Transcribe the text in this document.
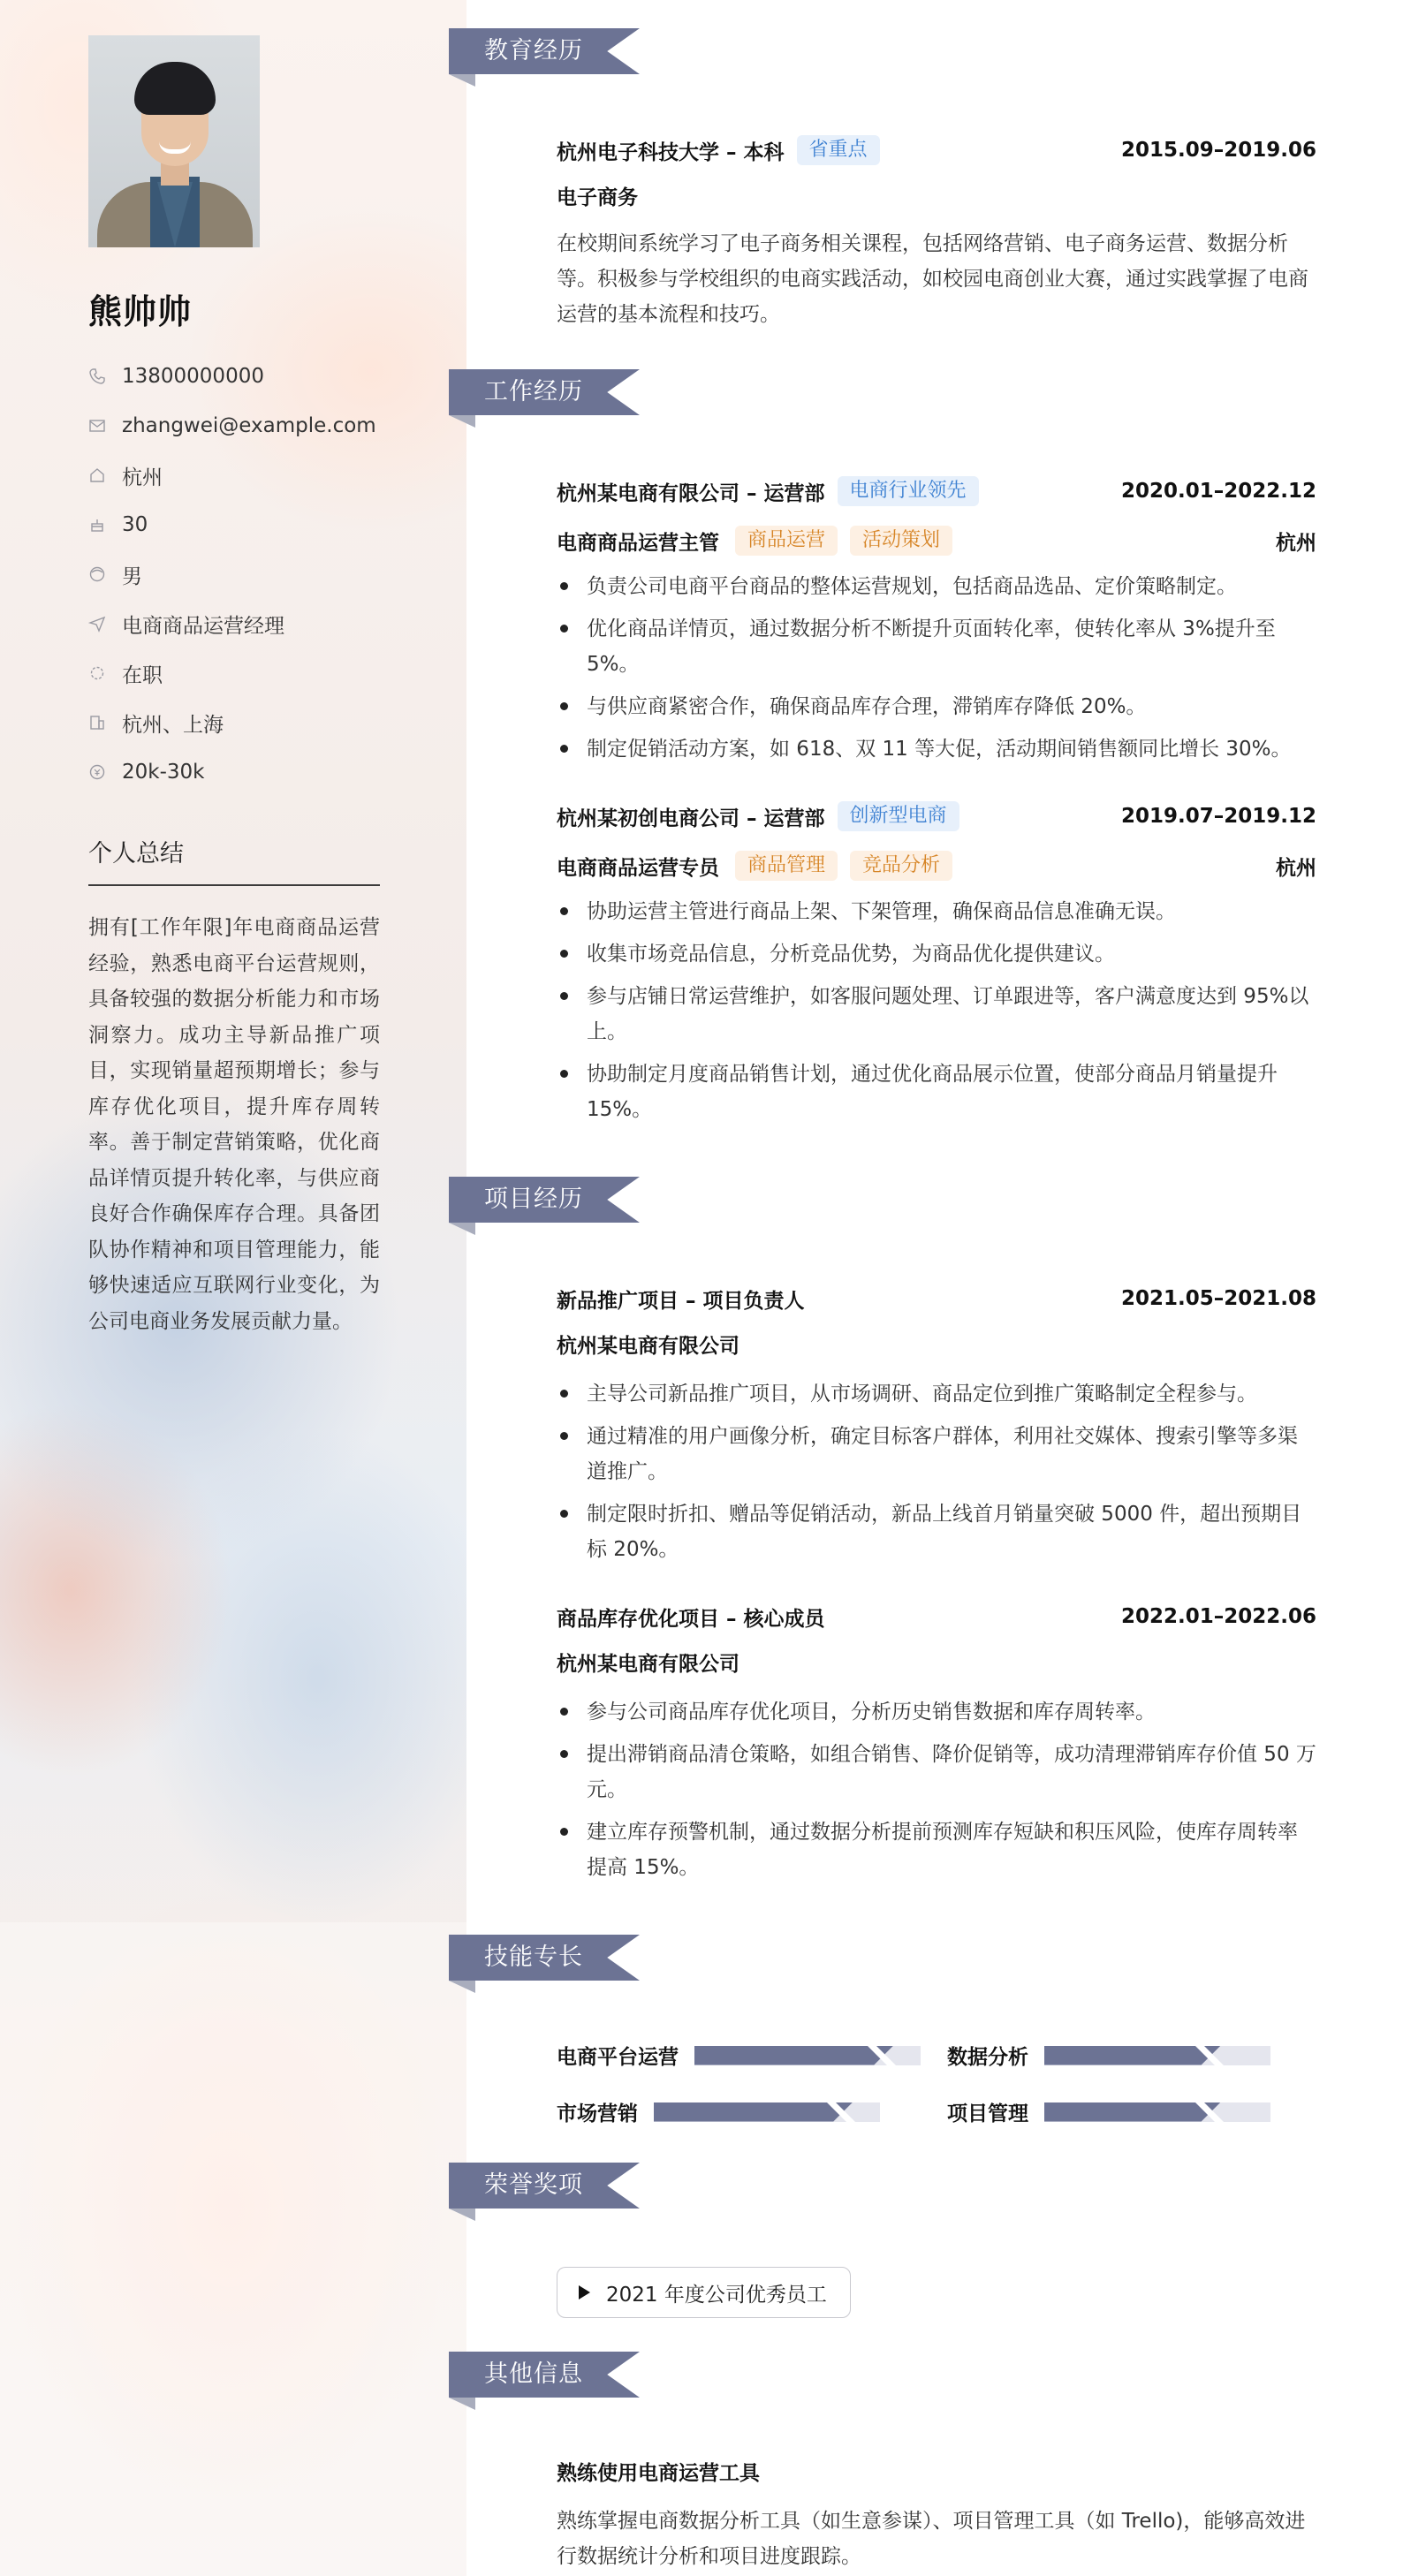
熊帅帅
13800000000
zhangwei@example.com
杭州
30
男
电商商品运营经理
在职
杭州、上海
20k-30k
个人总结
拥有[工作年限]年电商商品运营经验，熟悉电商平台运营规则，具备较强的数据分析能力和市场洞察力。成功主导新品推广项目，实现销量超预期增长；参与库存优化项目，提升库存周转率。善于制定营销策略，优化商品详情页提升转化率，与供应商良好合作确保库存合理。具备团队协作精神和项目管理能力，能够快速适应互联网行业变化，为公司电商业务发展贡献力量。
教育经历
杭州电子科技大学 – 本科	省重点	2015.09–2019.06
电子商务
在校期间系统学习了电子商务相关课程，包括网络营销、电子商务运营、数据分析等。积极参与学校组织的电商实践活动，如校园电商创业大赛，通过实践掌握了电商运营的基本流程和技巧。
工作经历
杭州某电商有限公司 – 运营部	电商行业领先	2020.01–2022.12
电商商品运营主管	商品运营	活动策划	杭州
负责公司电商平台商品的整体运营规划，包括商品选品、定价策略制定。
优化商品详情页，通过数据分析不断提升页面转化率，使转化率从 3%提升至 5%。
与供应商紧密合作，确保商品库存合理，滞销库存降低 20%。
制定促销活动方案，如 618、双 11 等大促，活动期间销售额同比增长 30%。
杭州某初创电商公司 – 运营部	创新型电商	2019.07–2019.12
电商商品运营专员	商品管理	竞品分析	杭州
协助运营主管进行商品上架、下架管理，确保商品信息准确无误。
收集市场竞品信息，分析竞品优势，为商品优化提供建议。
参与店铺日常运营维护，如客服问题处理、订单跟进等，客户满意度达到 95%以上。
协助制定月度商品销售计划，通过优化商品展示位置，使部分商品月销量提升 15%。
项目经历
新品推广项目 – 项目负责人	2021.05–2021.08
杭州某电商有限公司
主导公司新品推广项目，从市场调研、商品定位到推广策略制定全程参与。
通过精准的用户画像分析，确定目标客户群体，利用社交媒体、搜索引擎等多渠道推广。
制定限时折扣、赠品等促销活动，新品上线首月销量突破 5000 件，超出预期目标 20%。
商品库存优化项目 – 核心成员	2022.01–2022.06
杭州某电商有限公司
参与公司商品库存优化项目，分析历史销售数据和库存周转率。
提出滞销商品清仓策略，如组合销售、降价促销等，成功清理滞销库存价值 50 万元。
建立库存预警机制，通过数据分析提前预测库存短缺和积压风险，使库存周转率提高 15%。
技能专长
电商平台运营	数据分析
市场营销	项目管理
荣誉奖项
2021 年度公司优秀员工
其他信息
熟练使用电商运营工具
熟练掌握电商数据分析工具（如生意参谋）、项目管理工具（如 Trello)，能够高效进行数据统计分析和项目进度跟踪。
